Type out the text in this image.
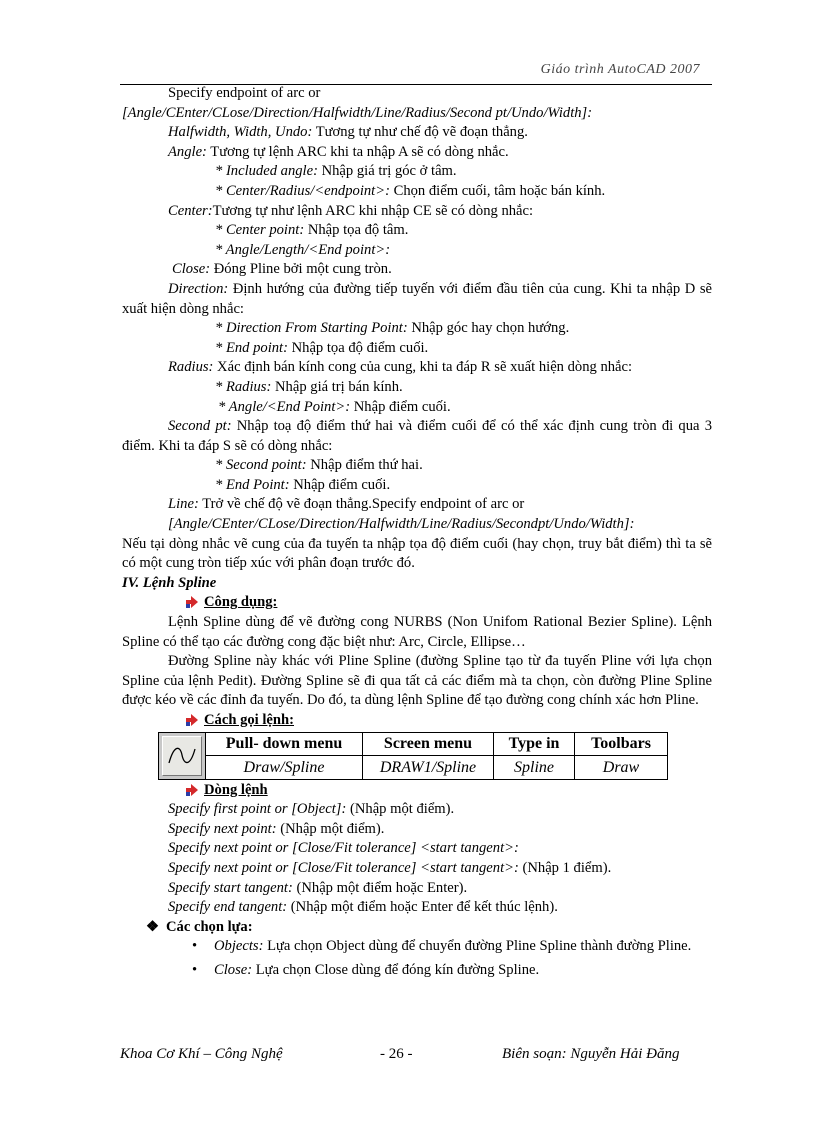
Giáo trình AutoCAD 2007
Specify endpoint of arc or
[Angle/CEnter/CLose/Direction/Halfwidth/Line/Radius/Second pt/Undo/Width]:
Halfwidth, Width, Undo: Tương tự như chế độ vẽ đoạn thẳng.
Angle: Tương tự lệnh ARC khi ta nhập A sẽ có dòng nhắc.
* Included angle: Nhập giá trị góc ở tâm.
* Center/Radius/<endpoint>: Chọn điểm cuối, tâm hoặc bán kính.
Center:Tương tự như lệnh ARC khi nhập CE sẽ có dòng nhắc:
* Center point: Nhập tọa độ tâm.
* Angle/Length/<End point>:
Close: Đóng Pline bởi một cung tròn.
Direction: Định hướng của đường tiếp tuyến với điểm đầu tiên của cung. Khi ta nhập D sẽ xuất hiện dòng nhắc:
* Direction From Starting Point: Nhập góc hay chọn hướng.
* End point: Nhập tọa độ điểm cuối.
Radius: Xác định bán kính cong của cung, khi ta đáp R sẽ xuất hiện dòng nhắc:
* Radius: Nhập giá trị bán kính.
* Angle/<End Point>: Nhập điểm cuối.
Second pt: Nhập toạ độ điểm thứ hai và điểm cuối để có thể xác định cung tròn đi qua 3 điểm. Khi ta đáp S sẽ có dòng nhắc:
* Second point: Nhập điểm thứ hai.
* End Point: Nhập điểm cuối.
Line: Trở về chế độ vẽ đoạn thẳng.Specify endpoint of arc or
[Angle/CEnter/CLose/Direction/Halfwidth/Line/Radius/Secondpt/Undo/Width]:
Nếu tại dòng nhắc vẽ cung của đa tuyến ta nhập tọa độ điểm cuối (hay chọn, truy bắt điểm) thì ta sẽ có một cung tròn tiếp xúc với phân đoạn trước đó.
IV. Lệnh Spline
Công dụng:
Lệnh Spline dùng để vẽ đường cong NURBS (Non Unifom Rational Bezier Spline). Lệnh Spline có thể tạo các đường cong đặc biệt như: Arc, Circle, Ellipse…
Đường Spline này khác với Pline Spline (đường Spline tạo từ đa tuyến Pline với lựa chọn Spline của lệnh Pedit). Đường Spline sẽ đi qua tất cả các điểm mà ta chọn, còn đường Pline Spline được kéo về các đỉnh đa tuyến. Do đó, ta dùng lệnh Spline để tạo đường cong chính xác hơn Pline.
Cách gọi lệnh:
	Pull- down menu	Screen menu	Type in	Toolbars
	Draw/Spline	DRAW1/Spline	Spline	Draw
Dòng lệnh
Specify first point or [Object]: (Nhập một điểm).
Specify next point: (Nhập một điểm).
Specify next point or [Close/Fit tolerance] <start tangent>:
Specify next point or [Close/Fit tolerance] <start tangent>: (Nhập 1 điểm).
Specify start tangent: (Nhập một điểm hoặc Enter).
Specify end tangent: (Nhập một điểm hoặc Enter để kết thúc lệnh).
❖ Các chọn lựa:
• Objects: Lựa chọn Object dùng để chuyển đường Pline Spline thành đường Pline.
• Close: Lựa chọn Close dùng để đóng kín đường Spline.
Khoa Cơ Khí – Công Nghệ	- 26 -	Biên soạn: Nguyễn Hải Đăng
